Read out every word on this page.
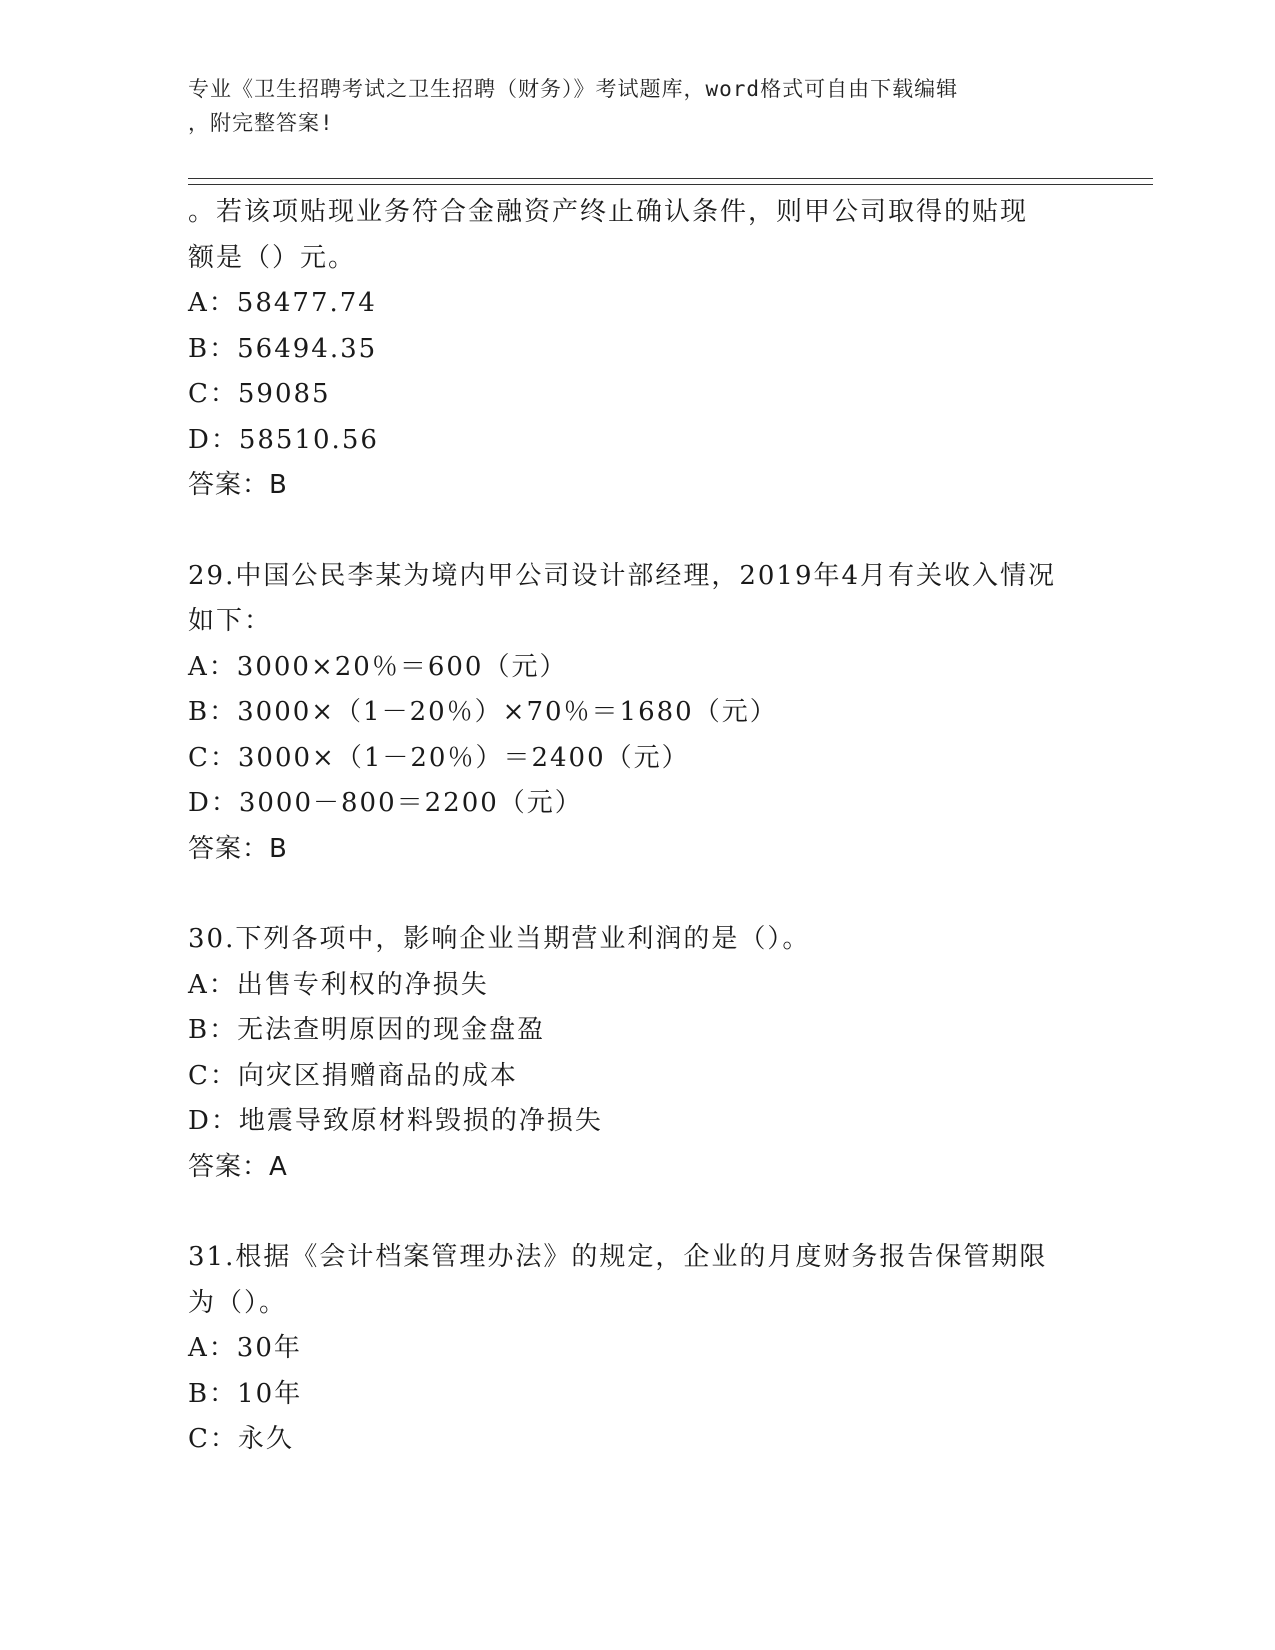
专业《卫生招聘考试之卫生招聘（财务）》考试题库，word格式可自由下载编辑
，附完整答案!
。若该项贴现业务符合金融资产终止确认条件，则甲公司取得的贴现
额是（）元。
A：58477.74
B：56494.35
C：59085
D：58510.56
答案：B
29.中国公民李某为境内甲公司设计部经理，2019年4月有关收入情况
如下：
A：3000×20％＝600（元）
B：3000×（1－20％）×70％＝1680（元）
C：3000×（1－20％）＝2400（元）
D：3000－800＝2200（元）
答案：B
30.下列各项中，影响企业当期营业利润的是（）。
A：出售专利权的净损失
B：无法查明原因的现金盘盈
C：向灾区捐赠商品的成本
D：地震导致原材料毁损的净损失
答案：A
31.根据《会计档案管理办法》的规定，企业的月度财务报告保管期限
为（）。
A：30年
B：10年
C：永久
